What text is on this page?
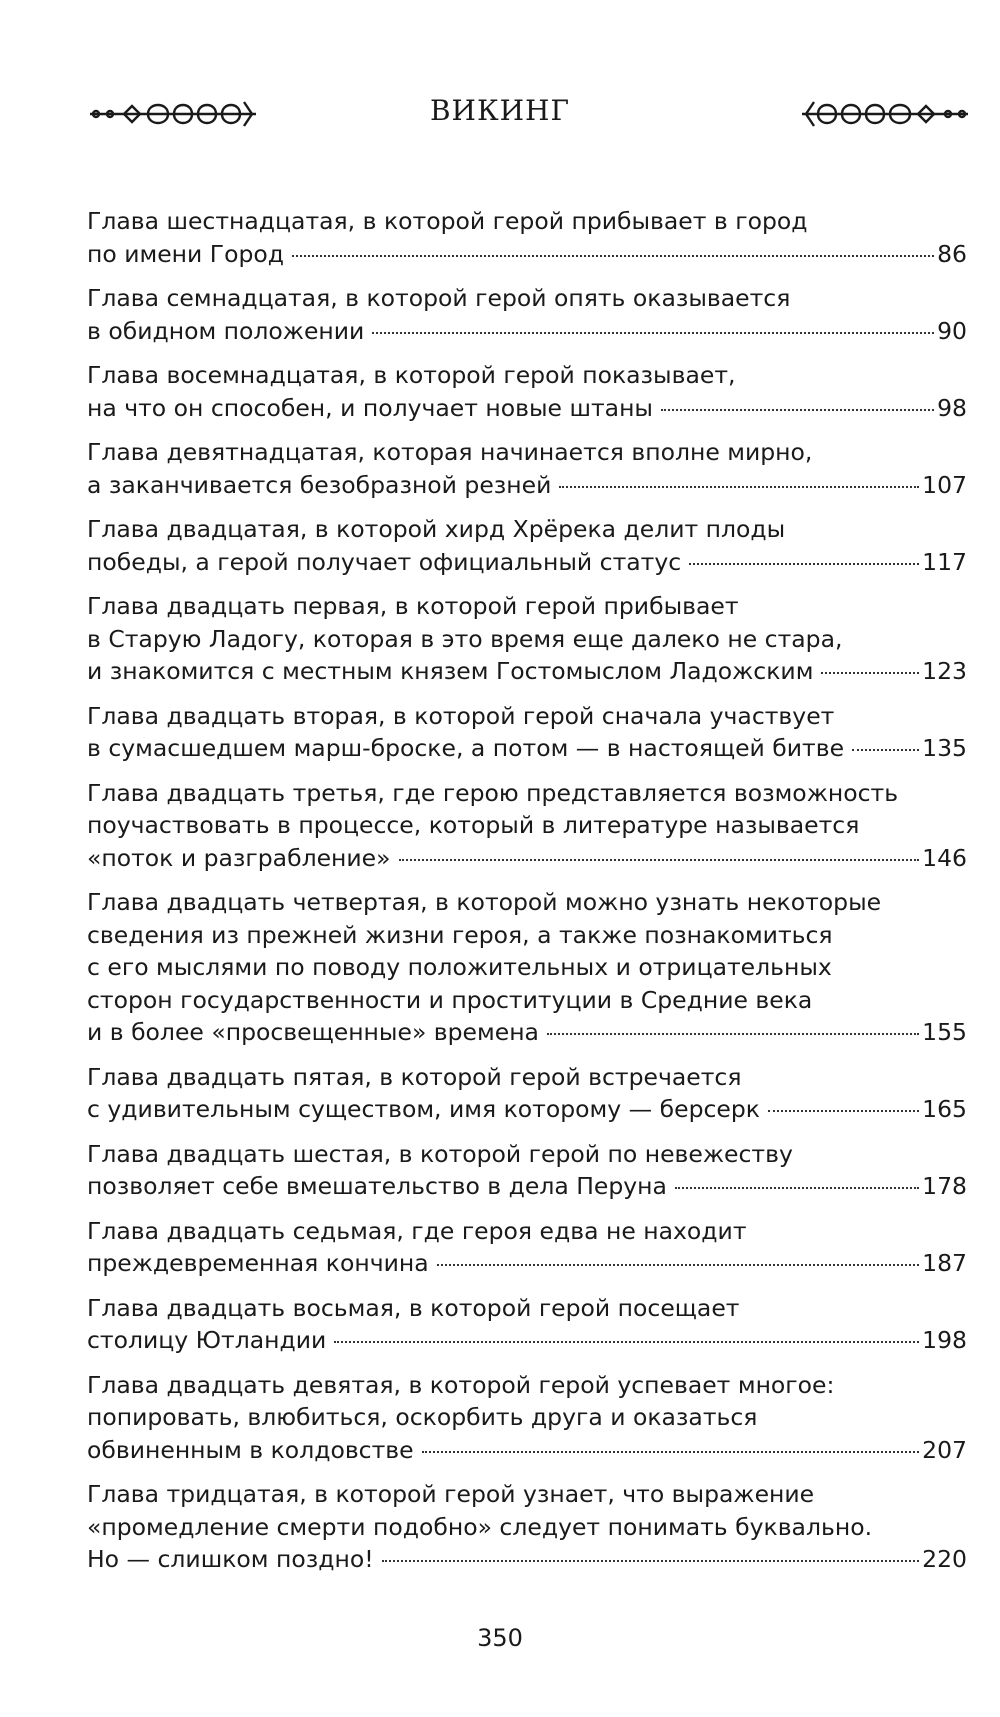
ВИКИНГ
Глава шестнадцатая, в которой герой прибывает в город
по имени Город	86
Глава семнадцатая, в которой герой опять оказывается
в обидном положении	90
Глава восемнадцатая, в которой герой показывает,
на что он способен, и получает новые штаны	98
Глава девятнадцатая, которая начинается вполне мирно,
а заканчивается безобразной резней	107
Глава двадцатая, в которой хирд Хрёрека делит плоды
победы, а герой получает официальный статус	117
Глава двадцать первая, в которой герой прибывает
в Старую Ладогу, которая в это время еще далеко не стара,
и знакомится с местным князем Гостомыслом Ладожским	123
Глава двадцать вторая, в которой герой сначала участвует
в сумасшедшем марш-броске, а потом — в настоящей битве	135
Глава двадцать третья, где герою представляется возможность
поучаствовать в процессе, который в литературе называется
«поток и разграбление»	146
Глава двадцать четвертая, в которой можно узнать некоторые
сведения из прежней жизни героя, а также познакомиться
с его мыслями по поводу положительных и отрицательных
сторон государственности и проституции в Средние века
и в более «просвещенные» времена	155
Глава двадцать пятая, в которой герой встречается
с удивительным существом, имя которому — берсерк	165
Глава двадцать шестая, в которой герой по невежеству
позволяет себе вмешательство в дела Перуна	178
Глава двадцать седьмая, где героя едва не находит
преждевременная кончина	187
Глава двадцать восьмая, в которой герой посещает
столицу Ютландии	198
Глава двадцать девятая, в которой герой успевает многое:
попировать, влюбиться, оскорбить друга и оказаться
обвиненным в колдовстве	207
Глава тридцатая, в которой герой узнает, что выражение
«промедление смерти подобно» следует понимать буквально.
Но — слишком поздно!	220
350
